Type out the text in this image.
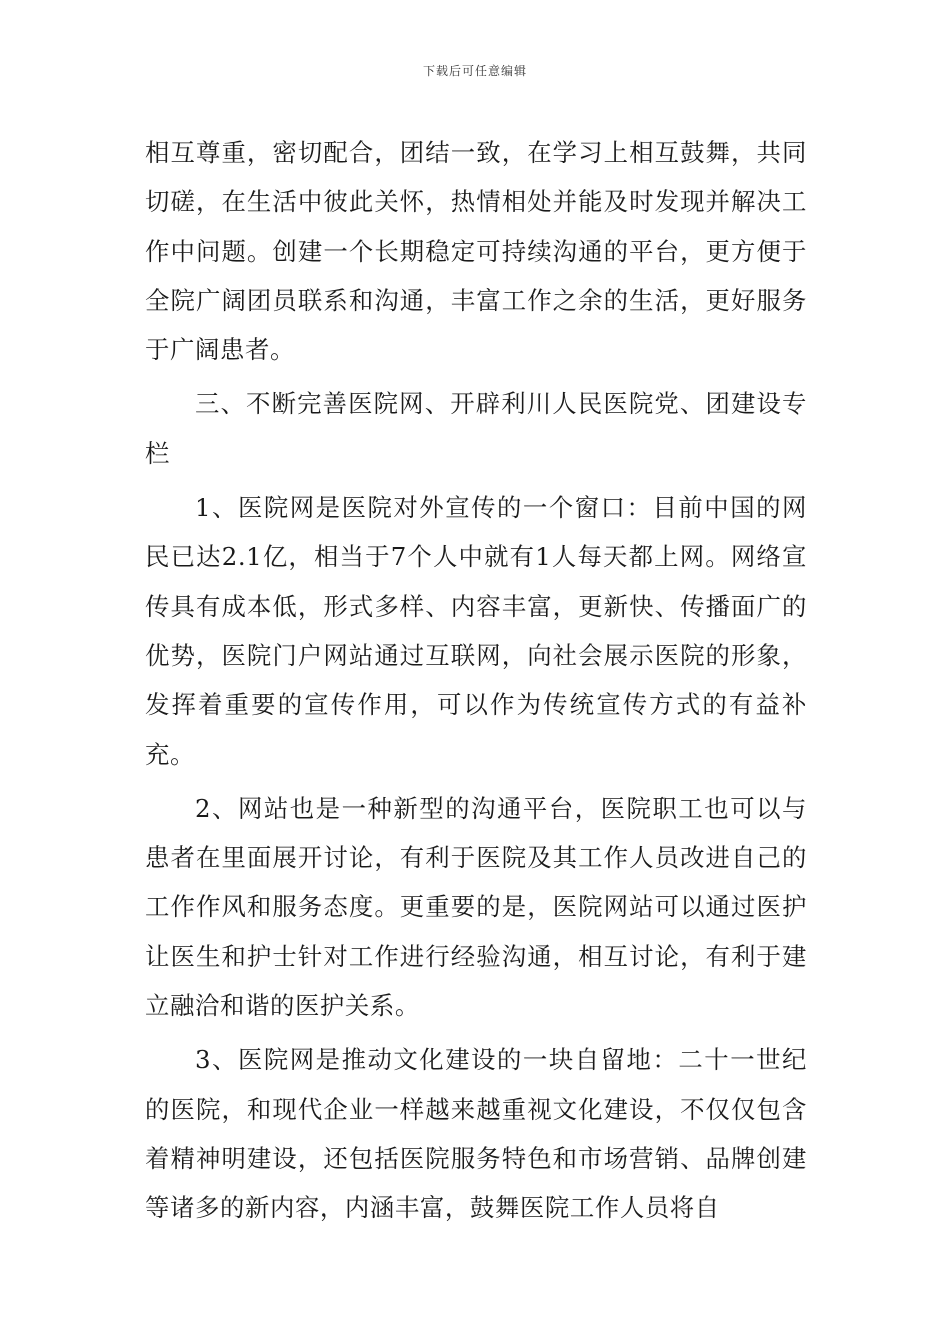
下载后可任意编辑

相互尊重，密切配合，团结一致，在学习上相互鼓舞，共同切磋，在生活中彼此关怀，热情相处并能及时发现并解决工作中问题。创建一个长期稳定可持续沟通的平台，更方便于全院广阔团员联系和沟通，丰富工作之余的生活，更好服务于广阔患者。

三、不断完善医院网、开辟利川人民医院党、团建设专栏

1、医院网是医院对外宣传的一个窗口：目前中国的网民已达2.1亿，相当于7个人中就有1人每天都上网。网络宣传具有成本低，形式多样、内容丰富，更新快、传播面广的优势，医院门户网站通过互联网，向社会展示医院的形象，发挥着重要的宣传作用，可以作为传统宣传方式的有益补充。

2、网站也是一种新型的沟通平台，医院职工也可以与患者在里面展开讨论，有利于医院及其工作人员改进自己的工作作风和服务态度。更重要的是，医院网站可以通过医护让医生和护士针对工作进行经验沟通，相互讨论，有利于建立融洽和谐的医护关系。

3、医院网是推动文化建设的一块自留地：二十一世纪的医院，和现代企业一样越来越重视文化建设，不仅仅包含着精神明建设，还包括医院服务特色和市场营销、品牌创建等诸多的新内容，内涵丰富，鼓舞医院工作人员将自
